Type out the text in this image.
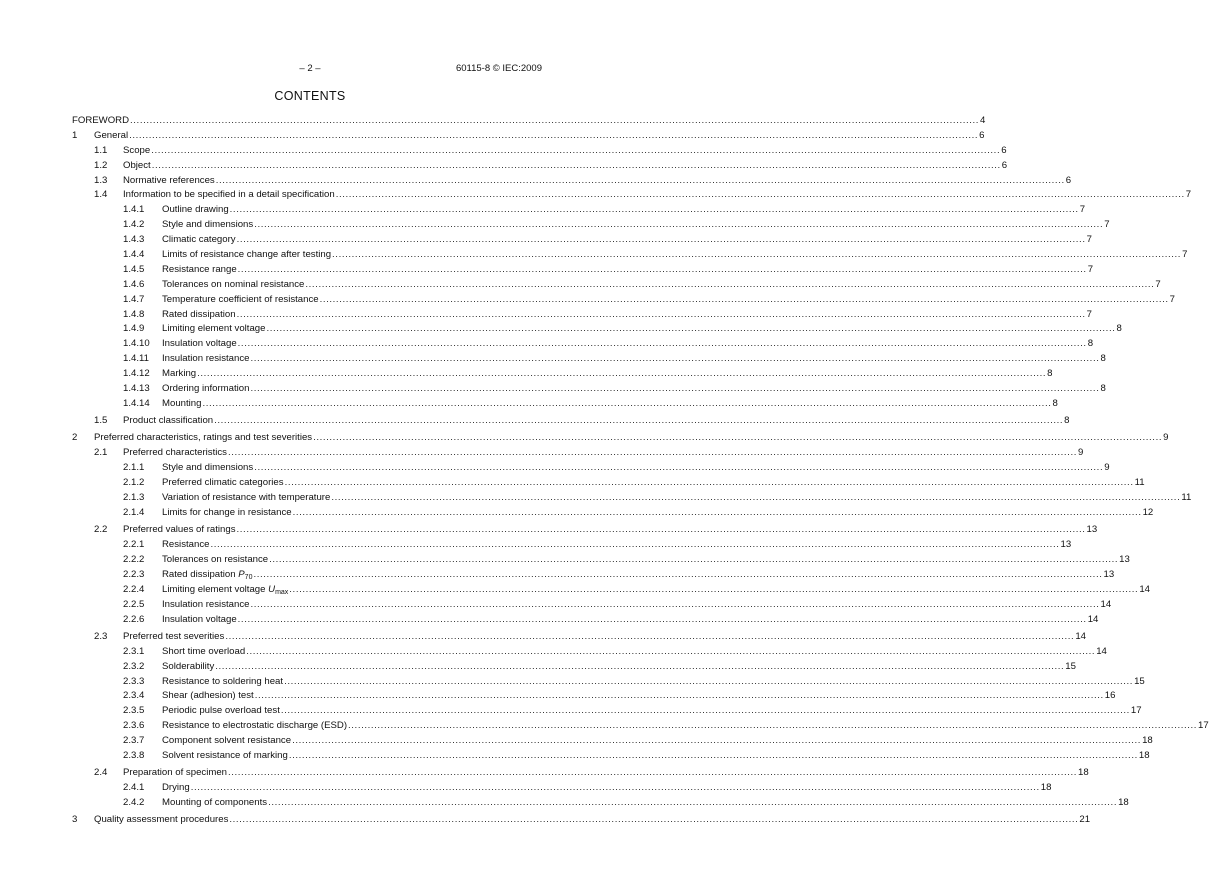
– 2 –	60115-8 © IEC:2009
CONTENTS
FOREWORD .................................................................................................................................................................................................................................................................... 4
1 General .................................................................................................................................................................................................................................................................... 6
1.1 Scope .................................................................................................................................................................................................................................................................... 6
1.2 Object .................................................................................................................................................................................................................................................................... 6
1.3 Normative references .................................................................................................................................................................................................................................................................... 6
1.4 Information to be specified in a detail specification .................................................................................................................................................................................................................................................................... 7
1.4.1 Outline drawing .................................................................................................................................................................................................................................................................... 7
1.4.2 Style and dimensions .................................................................................................................................................................................................................................................................... 7
1.4.3 Climatic category .................................................................................................................................................................................................................................................................... 7
1.4.4 Limits of resistance change after testing .................................................................................................................................................................................................................................................................... 7
1.4.5 Resistance range .................................................................................................................................................................................................................................................................... 7
1.4.6 Tolerances on nominal resistance .................................................................................................................................................................................................................................................................... 7
1.4.7 Temperature coefficient of resistance .................................................................................................................................................................................................................................................................... 7
1.4.8 Rated dissipation .................................................................................................................................................................................................................................................................... 7
1.4.9 Limiting element voltage .................................................................................................................................................................................................................................................................... 8
1.4.10 Insulation voltage .................................................................................................................................................................................................................................................................... 8
1.4.11 Insulation resistance .................................................................................................................................................................................................................................................................... 8
1.4.12 Marking .................................................................................................................................................................................................................................................................... 8
1.4.13 Ordering information .................................................................................................................................................................................................................................................................... 8
1.4.14 Mounting .................................................................................................................................................................................................................................................................... 8
1.5 Product classification .................................................................................................................................................................................................................................................................... 8
2 Preferred characteristics, ratings and test severities .................................................................................................................................................................................................................................................................... 9
2.1 Preferred characteristics .................................................................................................................................................................................................................................................................... 9
2.1.1 Style and dimensions .................................................................................................................................................................................................................................................................... 9
2.1.2 Preferred climatic categories .................................................................................................................................................................................................................................................................... 11
2.1.3 Variation of resistance with temperature .................................................................................................................................................................................................................................................................... 11
2.1.4 Limits for change in resistance .................................................................................................................................................................................................................................................................... 12
2.2 Preferred values of ratings .................................................................................................................................................................................................................................................................... 13
2.2.1 Resistance .................................................................................................................................................................................................................................................................... 13
2.2.2 Tolerances on resistance .................................................................................................................................................................................................................................................................... 13
2.2.3 Rated dissipation $P_{70}$ .................................................................................................................................................................................................................................................................... 13
2.2.4 Limiting element voltage $U_{max}$ .................................................................................................................................................................................................................................................................... 14
2.2.5 Insulation resistance .................................................................................................................................................................................................................................................................... 14
2.2.6 Insulation voltage .................................................................................................................................................................................................................................................................... 14
2.3 Preferred test severities .................................................................................................................................................................................................................................................................... 14
2.3.1 Short time overload .................................................................................................................................................................................................................................................................... 14
2.3.2 Solderability .................................................................................................................................................................................................................................................................... 15
2.3.3 Resistance to soldering heat .................................................................................................................................................................................................................................................................... 15
2.3.4 Shear (adhesion) test .................................................................................................................................................................................................................................................................... 16
2.3.5 Periodic pulse overload test .................................................................................................................................................................................................................................................................... 17
2.3.6 Resistance to electrostatic discharge (ESD) .................................................................................................................................................................................................................................................................... 17
2.3.7 Component solvent resistance .................................................................................................................................................................................................................................................................... 18
2.3.8 Solvent resistance of marking .................................................................................................................................................................................................................................................................... 18
2.4 Preparation of specimen .................................................................................................................................................................................................................................................................... 18
2.4.1 Drying .................................................................................................................................................................................................................................................................... 18
2.4.2 Mounting of components .................................................................................................................................................................................................................................................................... 18
3 Quality assessment procedures .................................................................................................................................................................................................................................................................... 21
